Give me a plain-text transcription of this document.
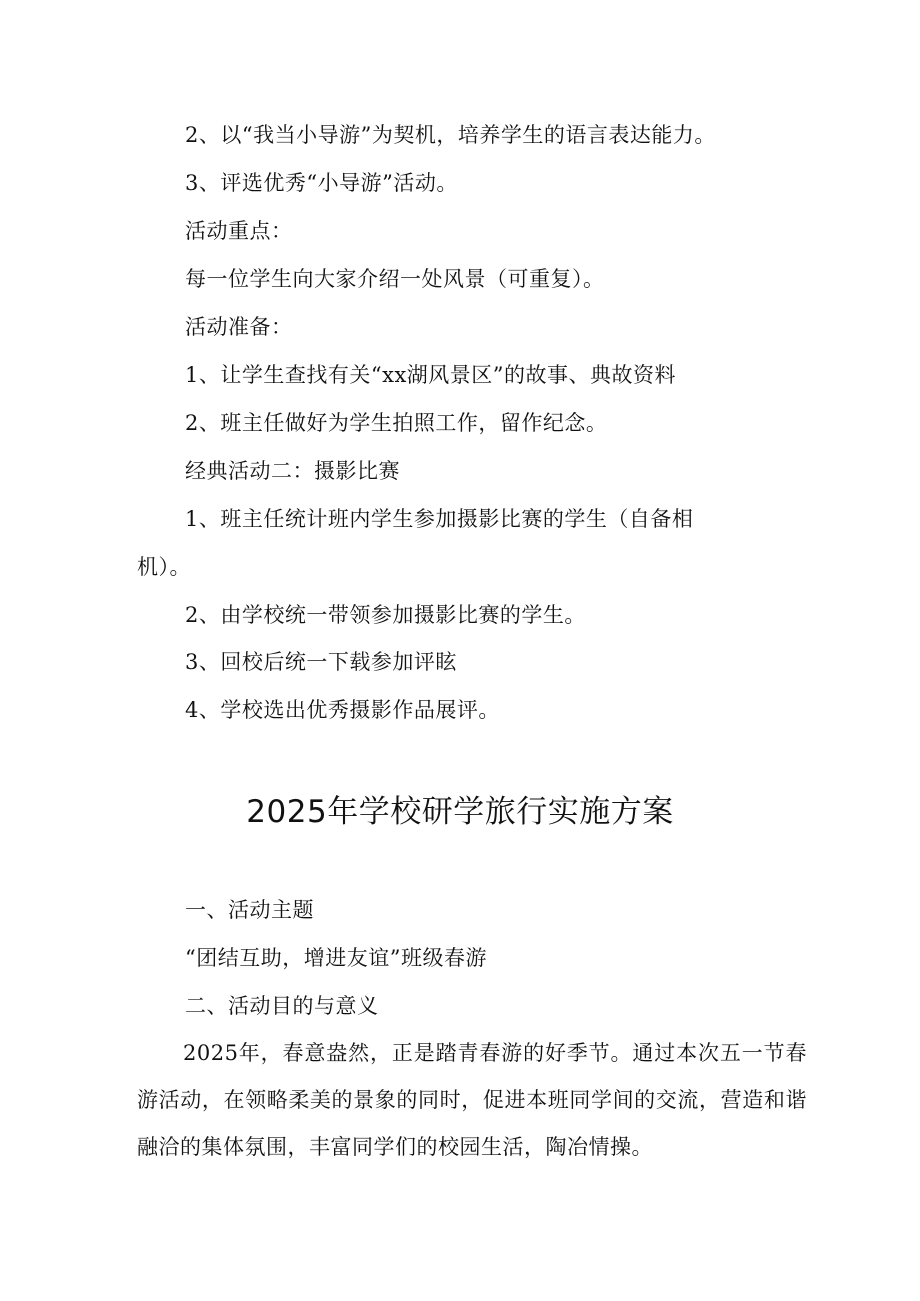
2、以“我当小导游”为契机，培养学生的语言表达能力。
3、评选优秀“小导游”活动。
活动重点：
每一位学生向大家介绍一处风景（可重复）。
活动准备：
1、让学生查找有关“xx湖风景区”的故事、典故资料
2、班主任做好为学生拍照工作，留作纪念。
经典活动二：摄影比赛
1、班主任统计班内学生参加摄影比赛的学生（自备相
机）。
2、由学校统一带领参加摄影比赛的学生。
3、回校后统一下载参加评眩
4、学校选出优秀摄影作品展评。
2025年学校研学旅行实施方案
一、活动主题
“团结互助，增进友谊”班级春游
二、活动目的与意义
2025年，春意盎然，正是踏青春游的好季节。通过本次五一节春游活动，在领略柔美的景象的同时，促进本班同学间的交流，营造和谐融洽的集体氛围，丰富同学们的校园生活，陶冶情操。
